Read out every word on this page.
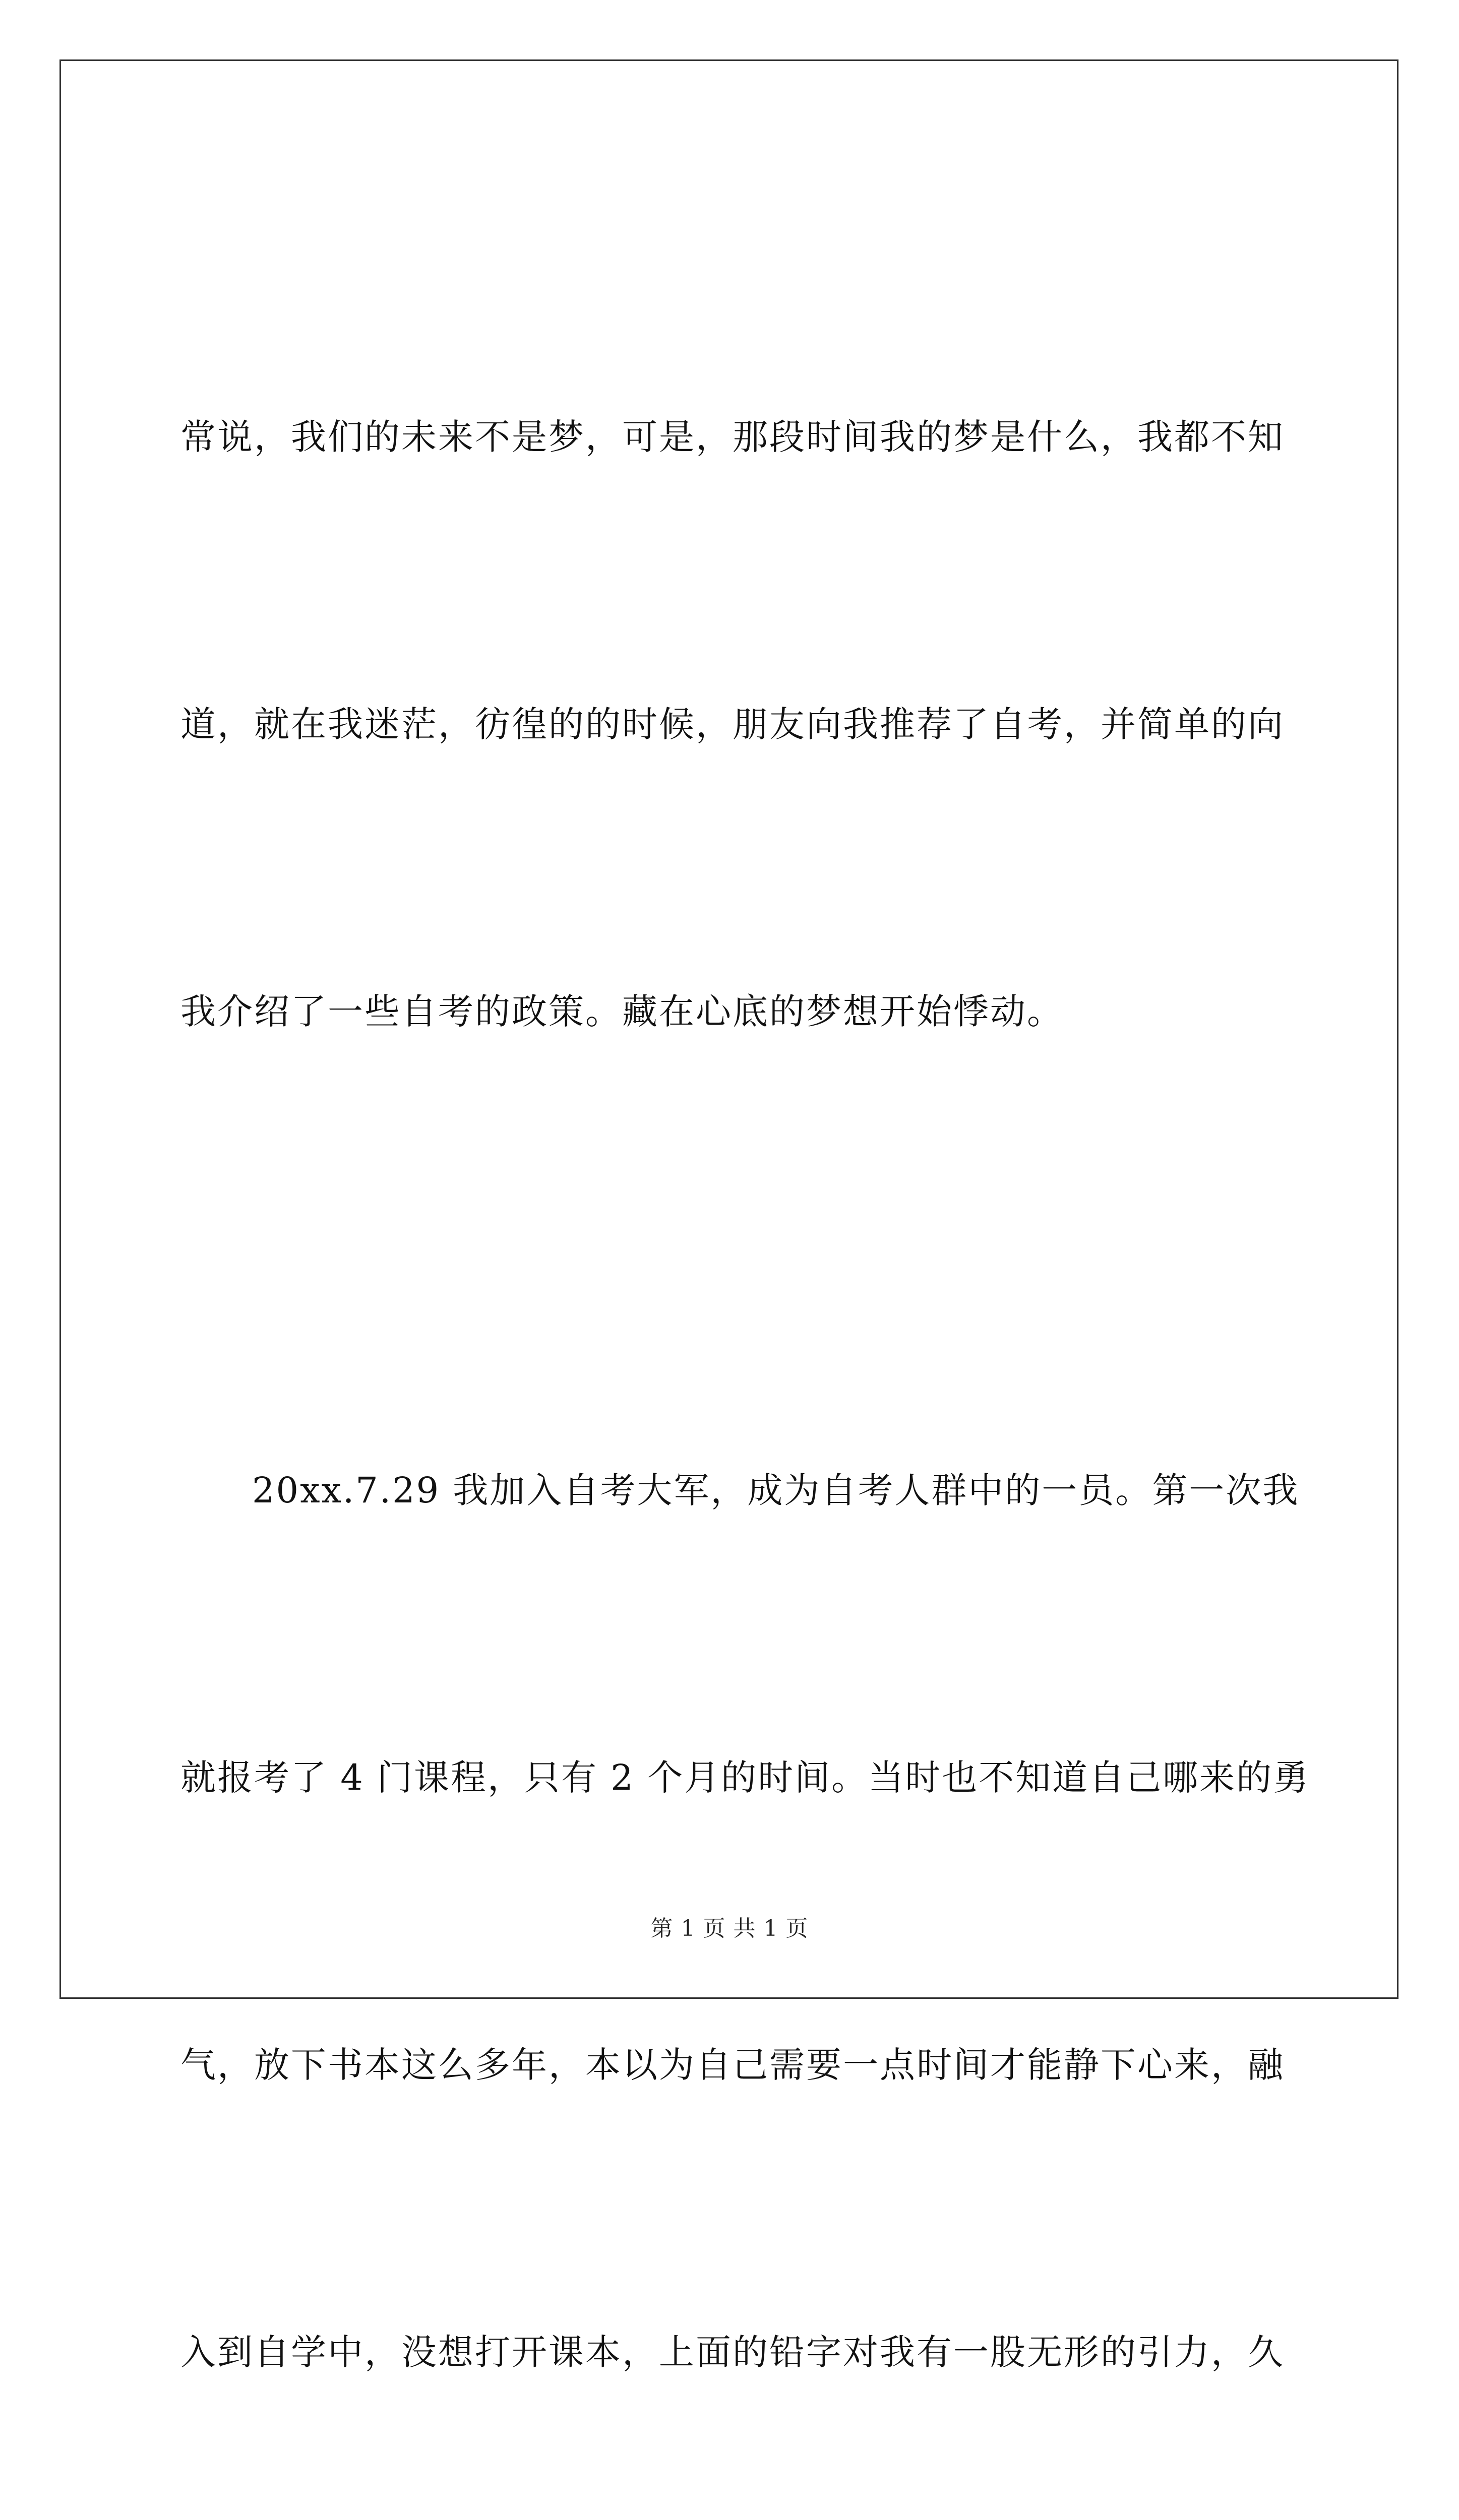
常说，我们的未来不是梦，可是，那段时间我的梦是什么，我都不知

道，就在我迷茫，彷徨的的时候，朋友向我推荐了自考，并简单的向

我介绍了一些自考的政策。藏在心底的梦想开始悸动。

20xx.7.29 我加入自考大军，成为自考人群中的一员。第一次我

就报考了 4 门课程，只有 2 个月的时间。当时也不知道自己哪来的勇

气，放下书本这么多年，本以为自己需要一点时间才能静下心来，融

入到自学中，没想打开课本，上面的铅字对我有一股无形的引力，久

第 1 页 共 1 页
